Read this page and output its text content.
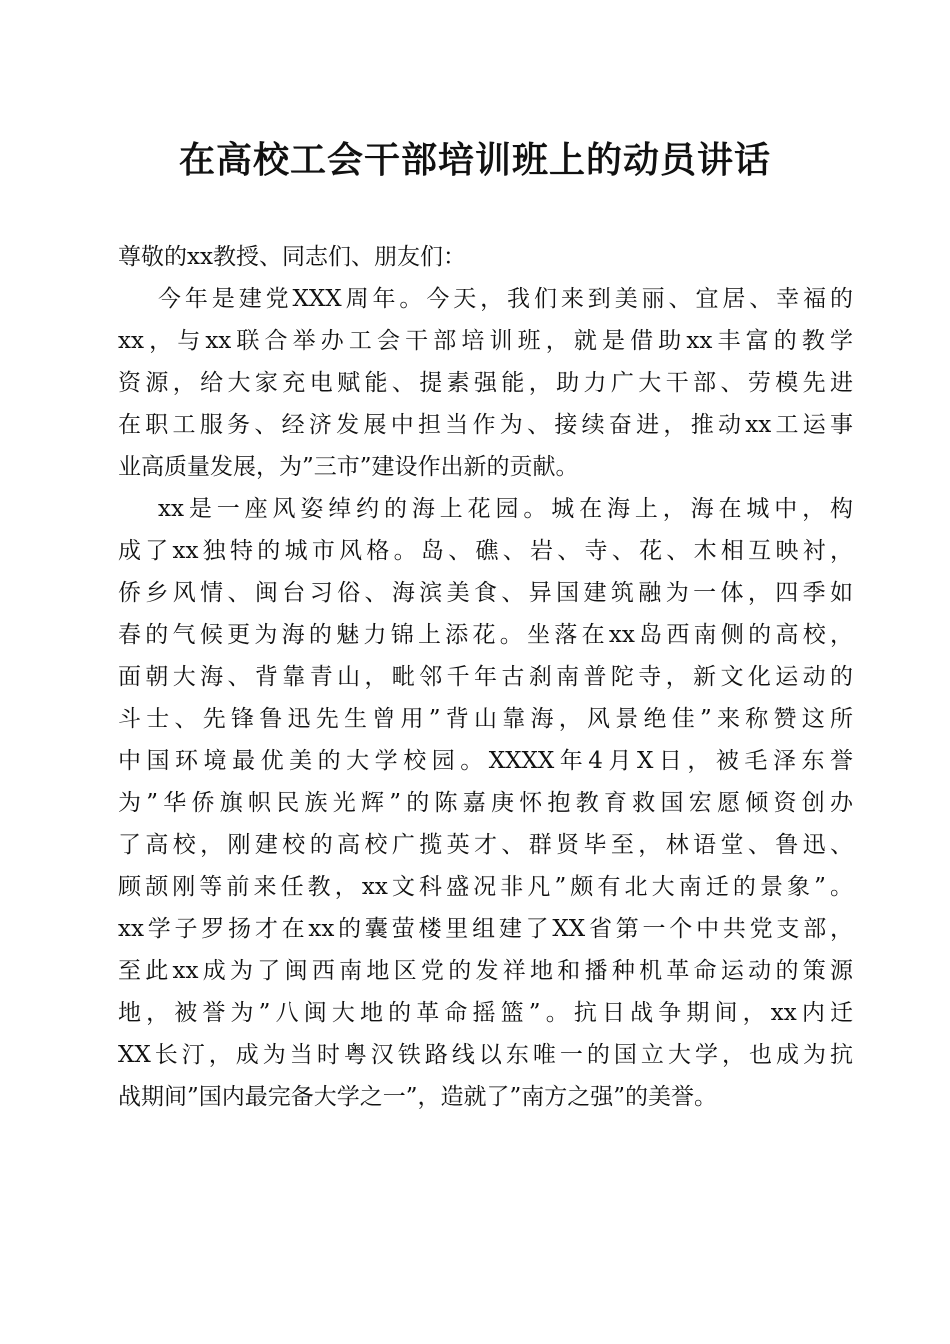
在高校工会干部培训班上的动员讲话
尊敬的xx教授、同志们、朋友们：
今年是建党XXX周年。今天，我们来到美丽、宜居、幸福的
xx，与xx联合举办工会干部培训班，就是借助xx丰富的教学
资源，给大家充电赋能、提素强能，助力广大干部、劳模先进
在职工服务、经济发展中担当作为、接续奋进，推动xx工运事
业高质量发展，为”三市”建设作出新的贡献。
xx是一座风姿绰约的海上花园。城在海上，海在城中，构
成了xx独特的城市风格。岛、礁、岩、寺、花、木相互映衬，
侨乡风情、闽台习俗、海滨美食、异国建筑融为一体，四季如
春的气候更为海的魅力锦上添花。坐落在xx岛西南侧的高校，
面朝大海、背靠青山，毗邻千年古刹南普陀寺，新文化运动的
斗士、先锋鲁迅先生曾用”背山靠海，风景绝佳”来称赞这所
中国环境最优美的大学校园。XXXX年4月X日，被毛泽东誉
为”华侨旗帜民族光辉”的陈嘉庚怀抱教育救国宏愿倾资创办
了高校，刚建校的高校广揽英才、群贤毕至，林语堂、鲁迅、
顾颉刚等前来任教，xx文科盛况非凡”颇有北大南迁的景象”。
xx学子罗扬才在xx的囊萤楼里组建了XX省第一个中共党支部，
至此xx成为了闽西南地区党的发祥地和播种机革命运动的策源
地，被誉为”八闽大地的革命摇篮”。抗日战争期间，xx内迁
XX长汀，成为当时粤汉铁路线以东唯一的国立大学，也成为抗
战期间”国内最完备大学之一”，造就了”南方之强”的美誉。
